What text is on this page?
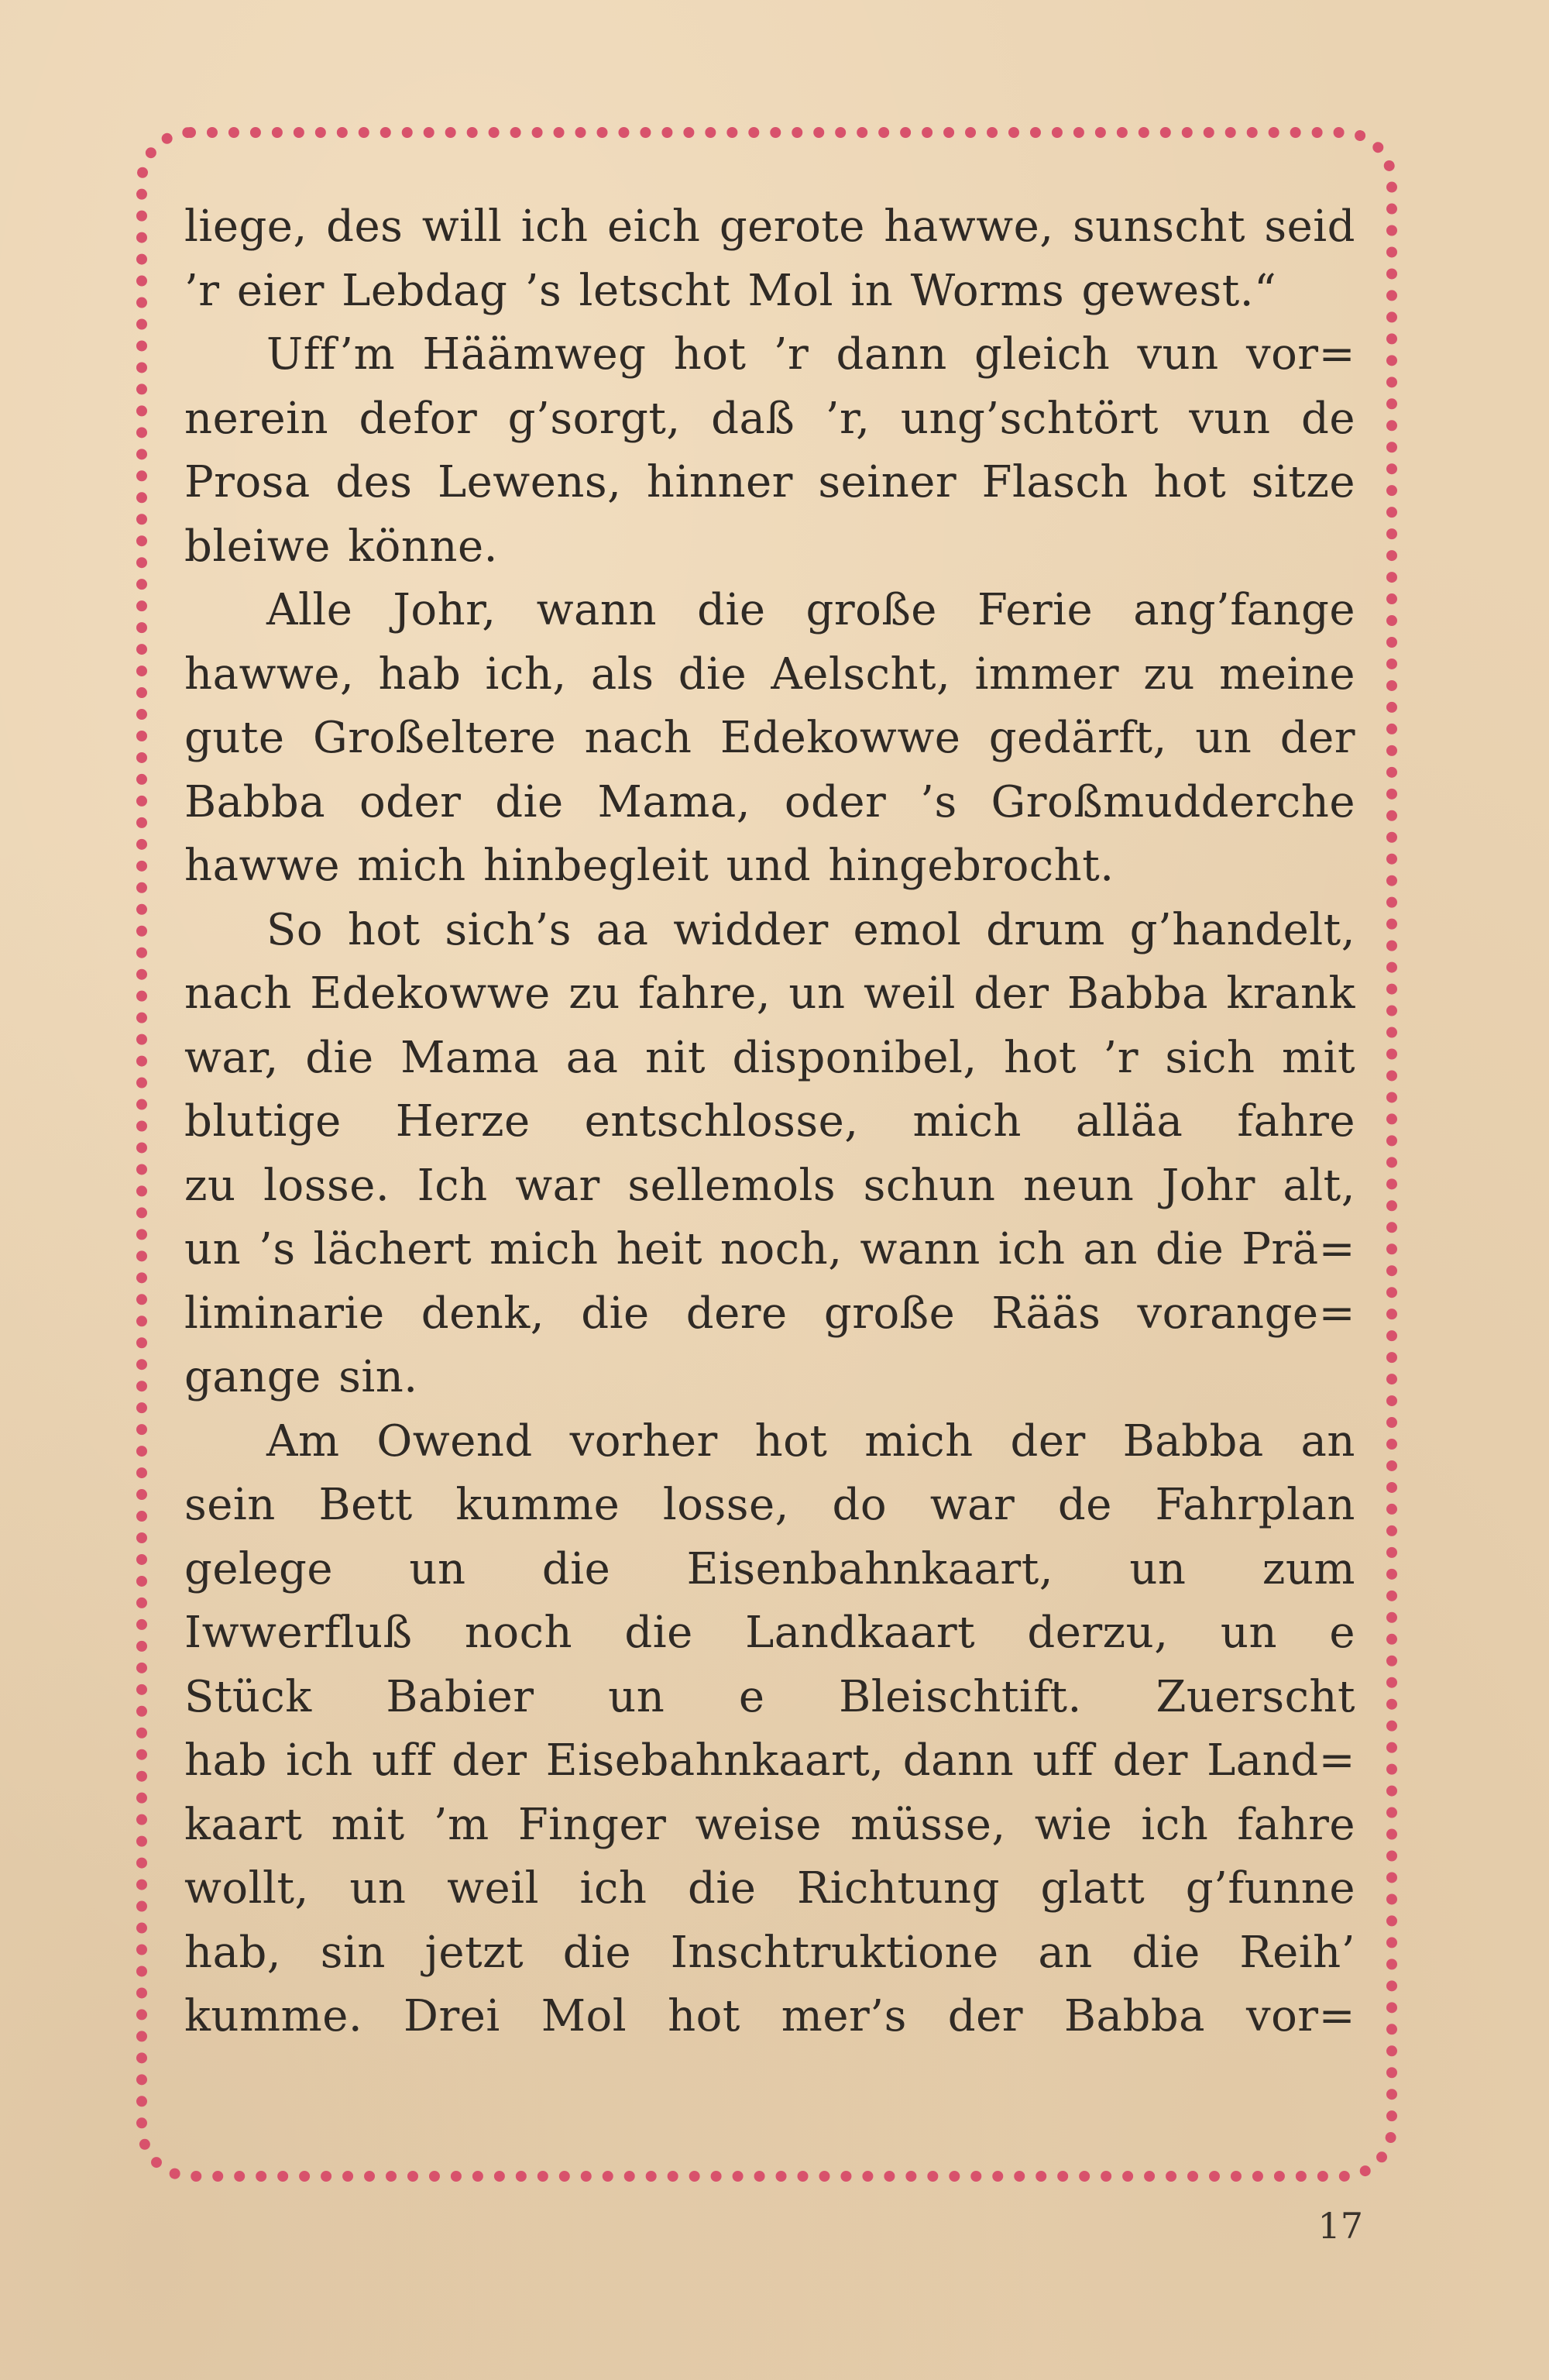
liege, des will ich eich gerote hawwe, sunscht seid
’r eier Lebdag ’s letscht Mol in Worms gewest.“
Uff’m Häämweg hot ’r dann gleich vun vor=
nerein defor g’sorgt, daß ’r, ung’schtört vun de
Prosa des Lewens, hinner seiner Flasch hot sitze
bleiwe könne.
Alle Johr, wann die große Ferie ang’fange
hawwe, hab ich, als die Aelscht, immer zu meine
gute Großeltere nach Edekowwe gedärft, un der
Babba oder die Mama, oder ’s Großmudderche
hawwe mich hinbegleit und hingebrocht.
So hot sich’s aa widder emol drum g’handelt,
nach Edekowwe zu fahre, un weil der Babba krank
war, die Mama aa nit disponibel, hot ’r sich mit
blutige Herze entschlosse, mich alläa fahre
zu losse. Ich war sellemols schun neun Johr alt,
un ’s lächert mich heit noch, wann ich an die Prä=
liminarie denk, die dere große Rääs vorange=
gange sin.
Am Owend vorher hot mich der Babba an
sein Bett kumme losse, do war de Fahrplan
gelege un die Eisenbahnkaart, un zum
Iwwerfluß noch die Landkaart derzu, un e
Stück Babier un e Bleischtift. Zuerscht
hab ich uff der Eisebahnkaart, dann uff der Land=
kaart mit ’m Finger weise müsse, wie ich fahre
wollt, un weil ich die Richtung glatt g’funne
hab, sin jetzt die Inschtruktione an die Reih’
kumme. Drei Mol hot mer’s der Babba vor=
17
